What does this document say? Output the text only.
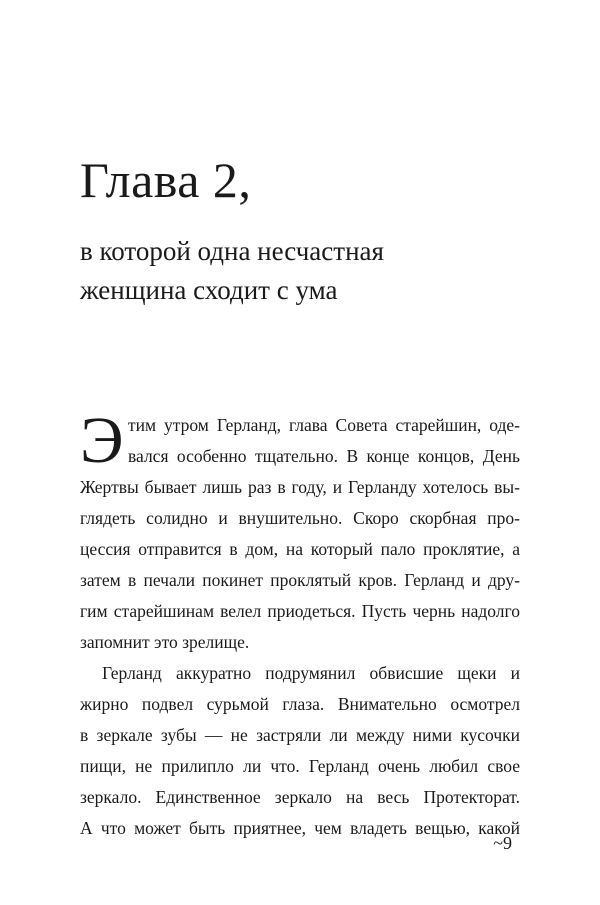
Глава 2,
в которой одна несчастная
женщина сходит с ума
Э тим утром Герланд, глава Совета старейшин, оде-
вался особенно тщательно. В конце концов, День
Жертвы бывает лишь раз в году, и Герланду хотелось вы-
глядеть солидно и внушительно. Скоро скорбная про-
цессия отправится в дом, на который пало проклятие, а
затем в печали покинет проклятый кров. Герланд и дру-
гим старейшинам велел приодеться. Пусть чернь надолго
запомнит это зрелище.
Герланд аккуратно подрумянил обвисшие щеки и
жирно подвел сурьмой глаза. Внимательно осмотрел
в зеркале зубы — не застряли ли между ними кусочки
пищи, не прилипло ли что. Герланд очень любил свое
зеркало. Единственное зеркало на весь Протекторат.
А что может быть приятнее, чем владеть вещью, какой
~9
